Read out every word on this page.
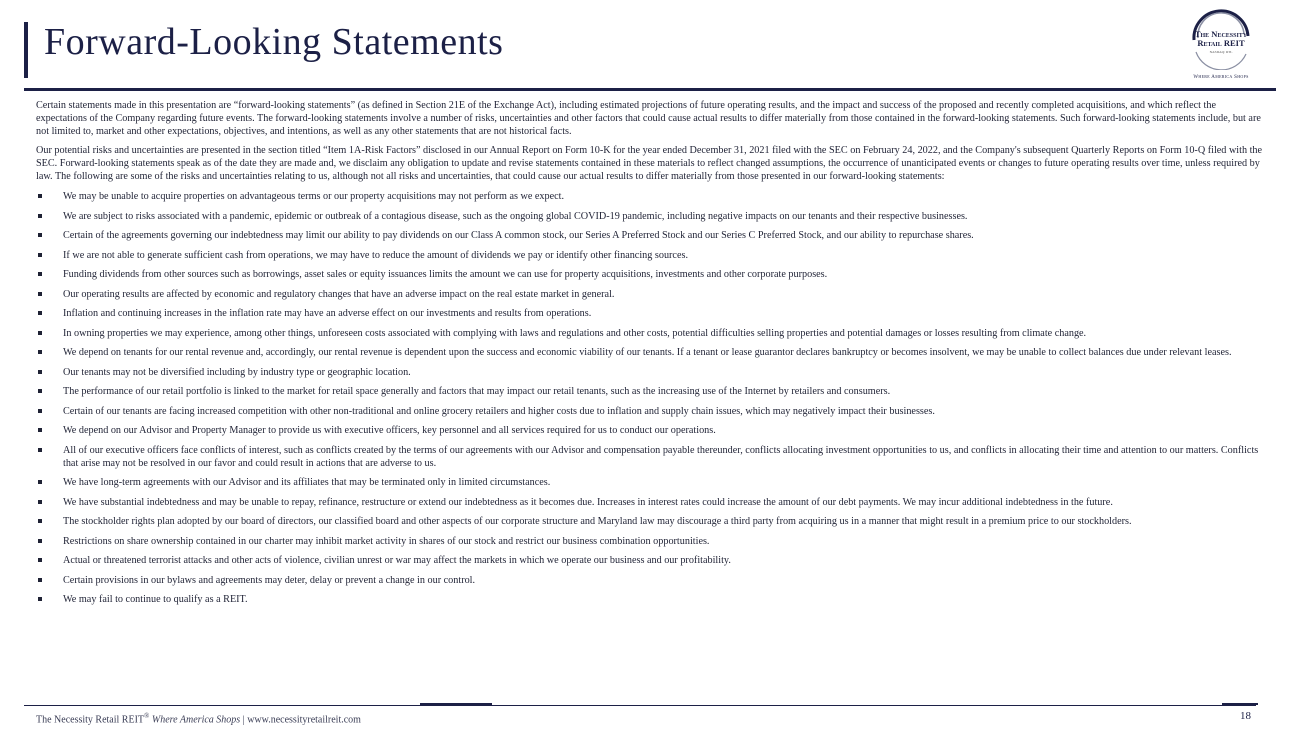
Forward-Looking Statements	The Necessity
Retail REIT
NASDAQ: RTL
Where America Shops

Certain statements made in this presentation are “forward-looking statements” (as defined in Section 21E of the Exchange Act), including estimated projections of future operating results, and the impact and success of the proposed and recently completed acquisitions, and which reflect the expectations of the Company regarding future events. The forward-looking statements involve a number of risks, uncertainties and other factors that could cause actual results to differ materially from those contained in the forward-looking statements. Such forward-looking statements include, but are not limited to, market and other expectations, objectives, and intentions, as well as any other statements that are not historical facts.

Our potential risks and uncertainties are presented in the section titled “Item 1A-Risk Factors” disclosed in our Annual Report on Form 10-K for the year ended December 31, 2021 filed with the SEC on February 24, 2022, and the Company's subsequent Quarterly Reports on Form 10-Q filed with the SEC. Forward-looking statements speak as of the date they are made and, we disclaim any obligation to update and revise statements contained in these materials to reflect changed assumptions, the occurrence of unanticipated events or changes to future operating results over time, unless required by law. The following are some of the risks and uncertainties relating to us, although not all risks and uncertainties, that could cause our actual results to differ materially from those presented in our forward-looking statements:

We may be unable to acquire properties on advantageous terms or our property acquisitions may not perform as we expect.
We are subject to risks associated with a pandemic, epidemic or outbreak of a contagious disease, such as the ongoing global COVID-19 pandemic, including negative impacts on our tenants and their respective businesses.
Certain of the agreements governing our indebtedness may limit our ability to pay dividends on our Class A common stock, our Series A Preferred Stock and our Series C Preferred Stock, and our ability to repurchase shares.
If we are not able to generate sufficient cash from operations, we may have to reduce the amount of dividends we pay or identify other financing sources.
Funding dividends from other sources such as borrowings, asset sales or equity issuances limits the amount we can use for property acquisitions, investments and other corporate purposes.
Our operating results are affected by economic and regulatory changes that have an adverse impact on the real estate market in general.
Inflation and continuing increases in the inflation rate may have an adverse effect on our investments and results from operations.
In owning properties we may experience, among other things, unforeseen costs associated with complying with laws and regulations and other costs, potential difficulties selling properties and potential damages or losses resulting from climate change.
We depend on tenants for our rental revenue and, accordingly, our rental revenue is dependent upon the success and economic viability of our tenants. If a tenant or lease guarantor declares bankruptcy or becomes insolvent, we may be unable to collect balances due under relevant leases.
Our tenants may not be diversified including by industry type or geographic location.
The performance of our retail portfolio is linked to the market for retail space generally and factors that may impact our retail tenants, such as the increasing use of the Internet by retailers and consumers.
Certain of our tenants are facing increased competition with other non-traditional and online grocery retailers and higher costs due to inflation and supply chain issues, which may negatively impact their businesses.
We depend on our Advisor and Property Manager to provide us with executive officers, key personnel and all services required for us to conduct our operations.
All of our executive officers face conflicts of interest, such as conflicts created by the terms of our agreements with our Advisor and compensation payable thereunder, conflicts allocating investment opportunities to us, and conflicts in allocating their time and attention to our matters. Conflicts that arise may not be resolved in our favor and could result in actions that are adverse to us.
We have long-term agreements with our Advisor and its affiliates that may be terminated only in limited circumstances.
We have substantial indebtedness and may be unable to repay, refinance, restructure or extend our indebtedness as it becomes due. Increases in interest rates could increase the amount of our debt payments. We may incur additional indebtedness in the future.
The stockholder rights plan adopted by our board of directors, our classified board and other aspects of our corporate structure and Maryland law may discourage a third party from acquiring us in a manner that might result in a premium price to our stockholders.
Restrictions on share ownership contained in our charter may inhibit market activity in shares of our stock and restrict our business combination opportunities.
Actual or threatened terrorist attacks and other acts of violence, civilian unrest or war may affect the markets in which we operate our business and our profitability.
Certain provisions in our bylaws and agreements may deter, delay or prevent a change in our control.
We may fail to continue to qualify as a REIT.
The Necessity Retail REIT® Where America Shops | www.necessityretailreit.com	18
